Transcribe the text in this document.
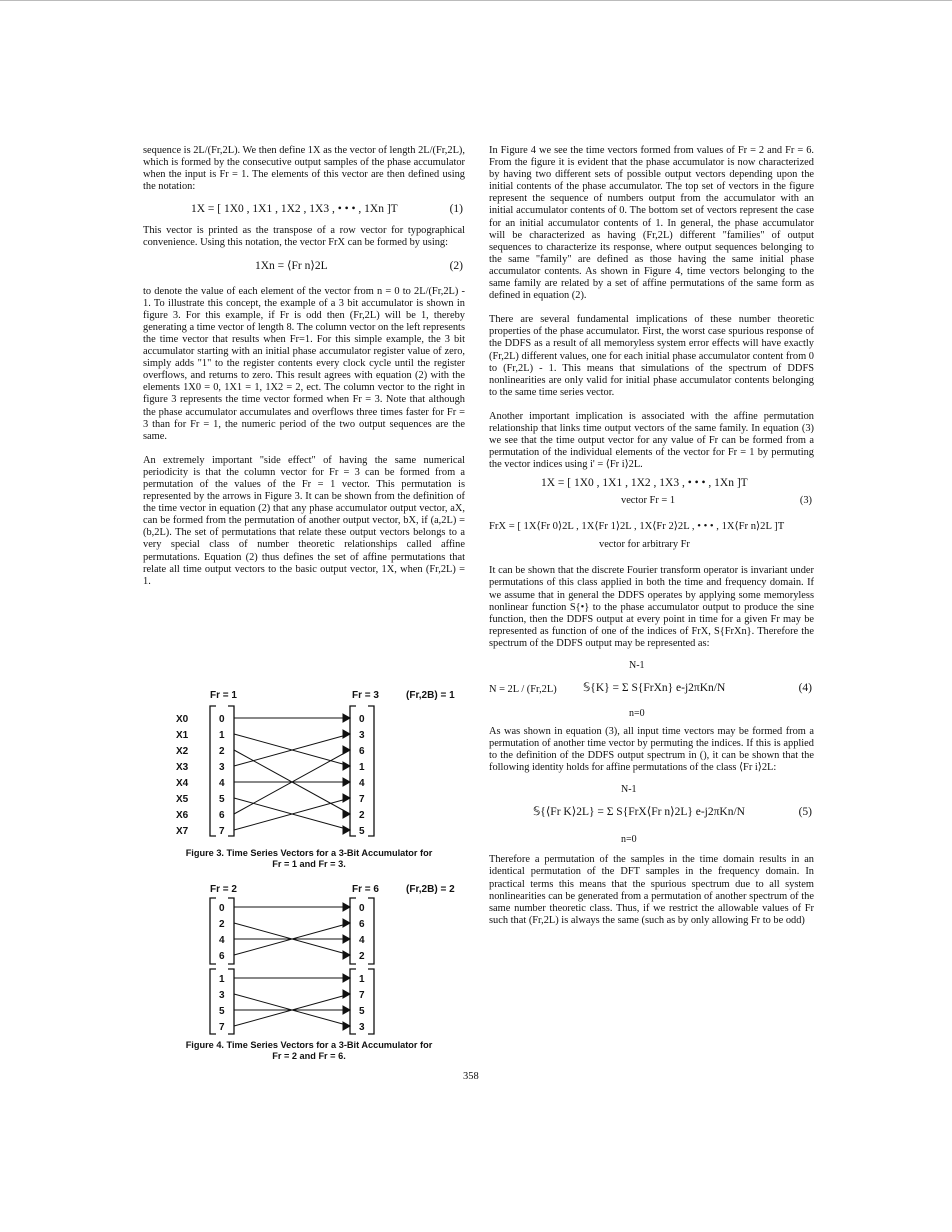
sequence is 2L/(Fr,2L). We then define 1X as the vector of length 2L/(Fr,2L), which is formed by the consecutive output samples of the phase accumulator when the input is Fr = 1. The elements of this vector are then defined using the notation:

1X = [ 1X0 , 1X1 , 1X2 , 1X3 , • • • , 1Xn ]T	(1)

This vector is printed as the transpose of a row vector for typographical convenience. Using this notation, the vector FrX can be formed by using:

1Xn = ⟨Fr n⟩2L	(2)

to denote the value of each element of the vector from n = 0 to 2L/(Fr,2L) - 1. To illustrate this concept, the example of a 3 bit accumulator is shown in figure 3. For this example, if Fr is odd then (Fr,2L) will be 1, thereby generating a time vector of length 8. The column vector on the left represents the time vector that results when Fr=1. For this simple example, the 3 bit accumulator starting with an initial phase accumulator register value of zero, simply adds "1" to the register contents every clock cycle until the register overflows, and returns to zero. This result agrees with equation (2) with the elements 1X0 = 0, 1X1 = 1, 1X2 = 2, ect. The column vector to the right in figure 3 represents the time vector formed when Fr = 3. Note that although the phase accumulator accumulates and overflows three times faster for Fr = 3 than for Fr = 1, the numeric period of the two output sequences are the same.

An extremely important "side effect" of having the same numerical periodicity is that the column vector for Fr = 3 can be formed from a permutation of the values of the Fr = 1 vector. This permutation is represented by the arrows in Figure 3. It can be shown from the definition of the time vector in equation (2) that any phase accumulator output vector, aX, can be formed from the permutation of another output vector, bX, if (a,2L) = (b,2L). The set of permutations that relate these output vectors belongs to a very special class of number theoretic relationships called affine permutations. Equation (2) thus defines the set of affine permutations that relate all time output vectors to the basic output vector, 1X, when (Fr,2L) = 1.

Fr = 1	Fr = 3	(Fr,2B) = 1
X0
X1
X2
X3
X4
X5
X6
X7
0
1
2
3
4
5
6
7
0
3
6
1
4
7
2
5
Figure 3. Time Series Vectors for a 3-Bit Accumulator for
Fr = 1 and Fr = 3.
Fr = 2	Fr = 6	(Fr,2B) = 2
0
2
4
6
0
6
4
2
1
3
5
7
1
7
5
3
Figure 4. Time Series Vectors for a 3-Bit Accumulator for
Fr = 2 and Fr = 6.

In Figure 4 we see the time vectors formed from values of Fr = 2 and Fr = 6. From the figure it is evident that the phase accumulator is now characterized by having two different sets of possible output vectors depending upon the initial contents of the phase accumulator. The top set of vectors in the figure represent the sequence of numbers output from the accumulator with an initial accumulator contents of 0. The bottom set of vectors represent the case for an initial accumulator contents of 1. In general, the phase accumulator will be characterized as having (Fr,2L) different "families" of output sequences to characterize its response, where output sequences belonging to the same "family" are defined as those having the same initial phase accumulator contents. As shown in Figure 4, time vectors belonging to the same family are related by a set of affine permutations of the same form as defined in equation (2).

There are several fundamental implications of these number theoretic properties of the phase accumulator. First, the worst case spurious response of the DDFS as a result of all memoryless system error effects will have exactly (Fr,2L) different values, one for each initial phase accumulator content from 0 to (Fr,2L) - 1. This means that simulations of the spectrum of DDFS nonlinearities are only valid for initial phase accumulator contents belonging to the same time series vector.

Another important implication is associated with the affine permutation relationship that links time output vectors of the same family. In equation (3) we see that the time output vector for any value of Fr can be formed from a permutation of the individual elements of the vector for Fr = 1 by permuting the vector indices using i' = ⟨Fr i⟩2L.

1X = [ 1X0 , 1X1 , 1X2 , 1X3 , • • • , 1Xn ]T
vector Fr = 1	(3)
FrX = [ 1X⟨Fr 0⟩2L , 1X⟨Fr 1⟩2L , 1X⟨Fr 2⟩2L , • • • , 1X⟨Fr n⟩2L ]T
vector for arbitrary Fr

It can be shown that the discrete Fourier transform operator is invariant under permutations of this class applied in both the time and frequency domain. If we assume that in general the DDFS operates by applying some memoryless nonlinear function S{•} to the phase accumulator output to produce the sine function, then the DDFS output at every point in time for a given Fr may be represented as function of one of the indices of FrX, S{FrXn}. Therefore the spectrum of the DDFS output may be represented as:

N = 2L / (Fr,2L)
N-1
𝕊{K} = Σ S{FrXn} e-j2πKn/N
n=0
(4)

As was shown in equation (3), all input time vectors may be formed from a permutation of another time vector by permuting the indices. If this is applied to the definition of the DDFS output spectrum in (), it can be shown that the following identity holds for affine permutations of the class ⟨Fr i⟩2L:

N-1
𝕊{⟨Fr K⟩2L} = Σ S{FrX⟨Fr n⟩2L} e-j2πKn/N
n=0
(5)

Therefore a permutation of the samples in the time domain results in an identical permutation of the DFT samples in the frequency domain. In practical terms this means that the spurious spectrum due to all system nonlinearities can be generated from a permutation of another spectrum of the same number theoretic class. Thus, if we restrict the allowable values of Fr such that (Fr,2L) is always the same (such as by only allowing Fr to be odd)

358
